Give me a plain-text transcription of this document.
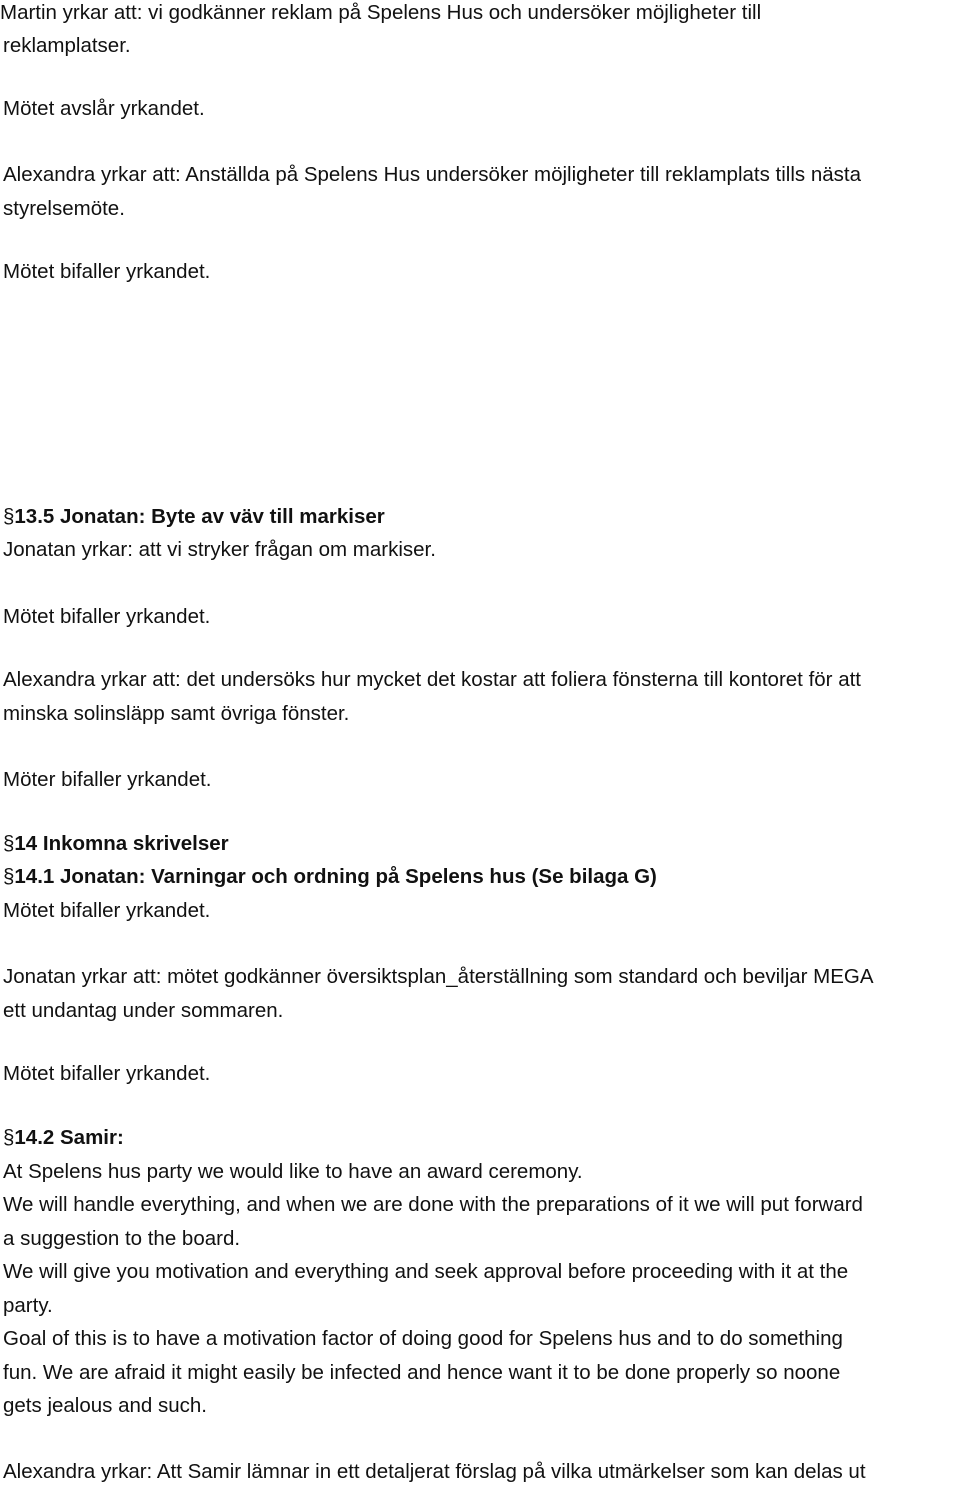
Martin yrkar att: vi godkänner reklam på Spelens Hus och undersöker möjligheter till

reklamplatser.

Mötet avslår yrkandet.

Alexandra yrkar att: Anställda på Spelens Hus undersöker möjligheter till reklamplats tills nästa

styrelsemöte.

Mötet bifaller yrkandet.

§13.5 Jonatan: Byte av väv till markiser

Jonatan yrkar: att vi stryker frågan om markiser.

Mötet bifaller yrkandet.

Alexandra yrkar att: det undersöks hur mycket det kostar att foliera fönsterna till kontoret för att

minska solinsläpp samt övriga fönster.

Möter bifaller yrkandet.

§14 Inkomna skrivelser

§14.1 Jonatan: Varningar och ordning på Spelens hus (Se bilaga G)

Mötet bifaller yrkandet.

Jonatan yrkar att: mötet godkänner översiktsplan_återställning som standard och beviljar MEGA

ett undantag under sommaren.

Mötet bifaller yrkandet.

§14.2 Samir:

At Spelens hus party we would like to have an award ceremony.

We will handle everything, and when we are done with the preparations of it we will put forward

a suggestion to the board.

We will give you motivation and everything and seek approval before proceeding with it at the

party.

Goal of this is to have a motivation factor of doing good for Spelens hus and to do something

fun. We are afraid it might easily be infected and hence want it to be done properly so noone

gets jealous and such.

Alexandra yrkar: Att Samir lämnar in ett detaljerat förslag på vilka utmärkelser som kan delas ut
